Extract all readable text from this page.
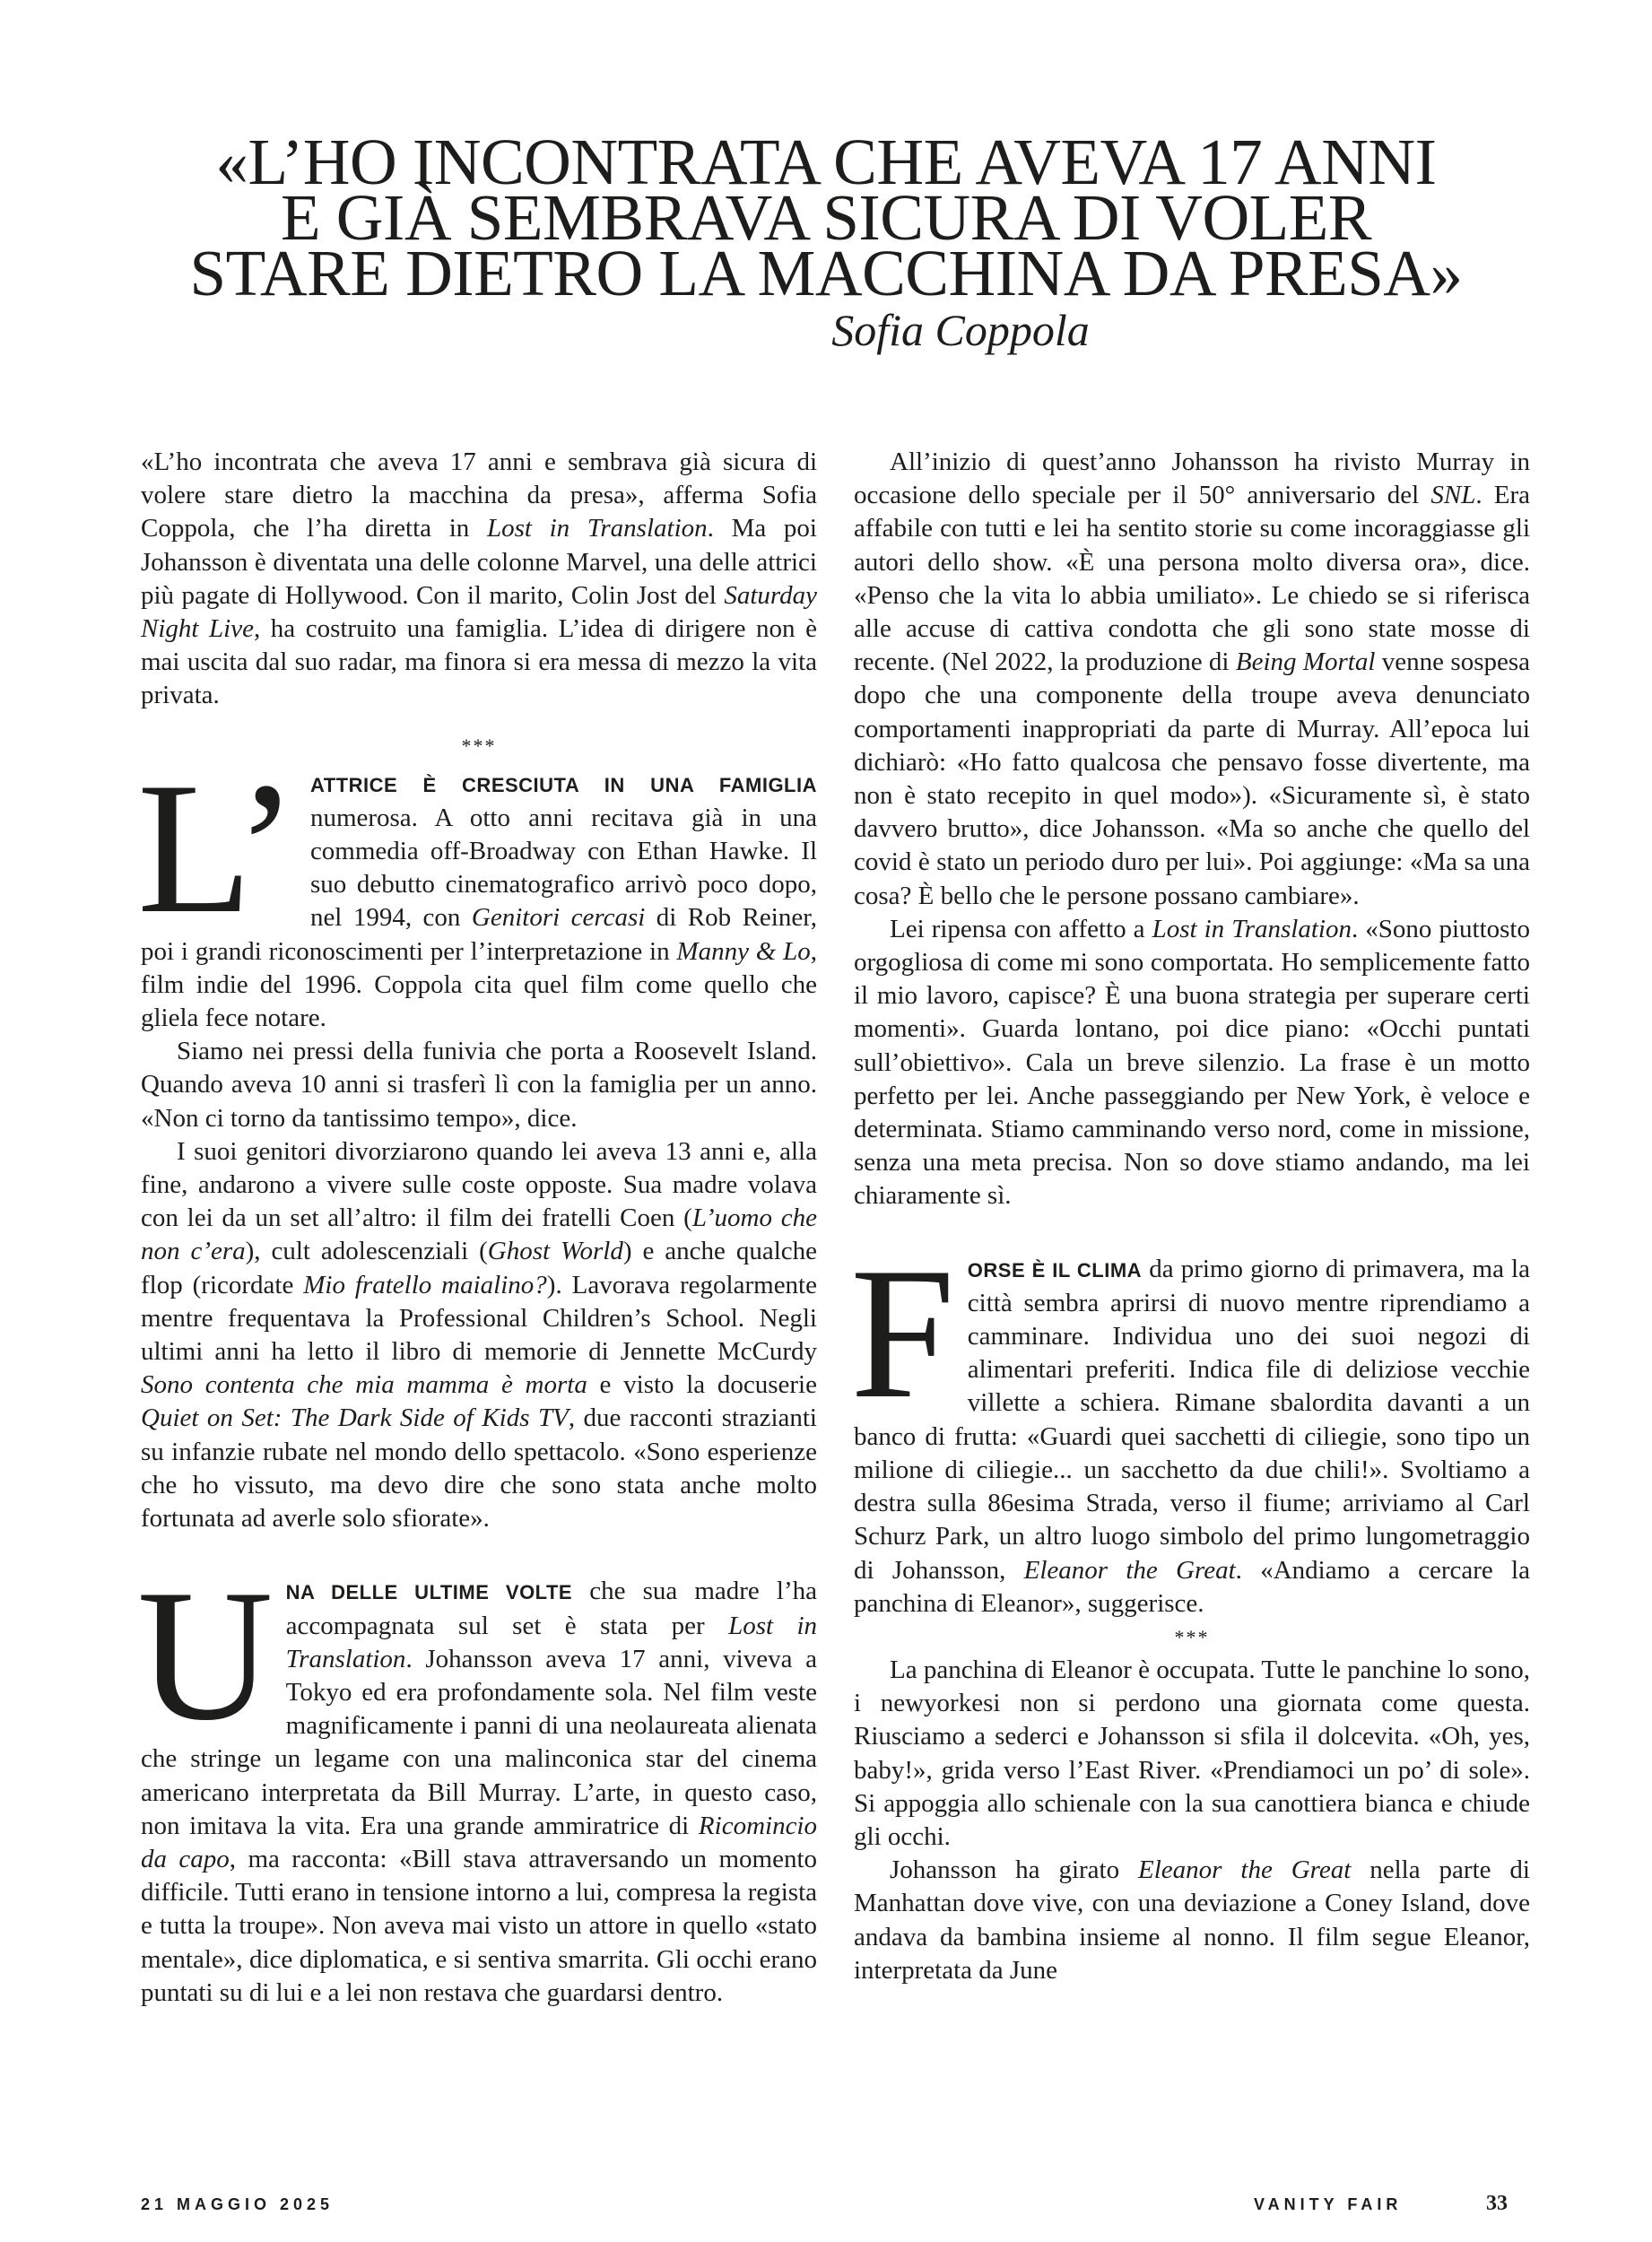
«L’HO INCONTRATA CHE AVEVA 17 ANNI
E GIÀ SEMBRAVA SICURA DI VOLER
STARE DIETRO LA MACCHINA DA PRESA»
Sofia Coppola

«L’ho incontrata che aveva 17 anni e sembrava già sicura di volere stare dietro la macchina da presa», afferma Sofia Coppola, che l’ha diretta in Lost in Translation. Ma poi Johansson è diventata una delle colonne Marvel, una delle attrici più pagate di Hollywood. Con il marito, Colin Jost del Saturday Night Live, ha costruito una famiglia. L’idea di dirigere non è mai uscita dal suo radar, ma finora si era messa di mezzo la vita privata.

***

L’ ATTRICE È CRESCIUTA IN UNA FAMIGLIA numerosa. A otto anni recitava già in una commedia off-Broadway con Ethan Hawke. Il suo debutto cinematografico arrivò poco dopo, nel 1994, con Genitori cercasi di Rob Reiner, poi i grandi riconoscimenti per l’interpretazione in Manny & Lo, film indie del 1996. Coppola cita quel film come quello che gliela fece notare.

Siamo nei pressi della funivia che porta a Roosevelt Island. Quando aveva 10 anni si trasferì lì con la famiglia per un anno. «Non ci torno da tantissimo tempo», dice.

I suoi genitori divorziarono quando lei aveva 13 anni e, alla fine, andarono a vivere sulle coste opposte. Sua madre volava con lei da un set all’altro: il film dei fratelli Coen (L’uomo che non c’era), cult adolescenziali (Ghost World) e anche qualche flop (ricordate Mio fratello maialino?). Lavorava regolarmente mentre frequentava la Professional Children’s School. Negli ultimi anni ha letto il libro di memorie di Jennette McCurdy Sono contenta che mia mamma è morta e visto la docuserie Quiet on Set: The Dark Side of Kids TV, due racconti strazianti su infanzie rubate nel mondo dello spettacolo. «Sono esperienze che ho vissuto, ma devo dire che sono stata anche molto fortunata ad averle solo sfiorate».

UNA DELLE ULTIME VOLTE che sua madre l’ha accompagnata sul set è stata per Lost in Translation. Johansson aveva 17 anni, viveva a Tokyo ed era profondamente sola. Nel film veste magnificamente i panni di una neolaureata alienata che stringe un legame con una malinconica star del cinema americano interpretata da Bill Murray. L’arte, in questo caso, non imitava la vita. Era una grande ammiratrice di Ricomincio da capo, ma racconta: «Bill stava attraversando un momento difficile. Tutti erano in tensione intorno a lui, compresa la regista e tutta la troupe». Non aveva mai visto un attore in quello «stato mentale», dice diplomatica, e si sentiva smarrita. Gli occhi erano puntati su di lui e a lei non restava che guardarsi dentro.

All’inizio di quest’anno Johansson ha rivisto Murray in occasione dello speciale per il 50° anniversario del SNL. Era affabile con tutti e lei ha sentito storie su come incoraggiasse gli autori dello show. «È una persona molto diversa ora», dice. «Penso che la vita lo abbia umiliato». Le chiedo se si riferisca alle accuse di cattiva condotta che gli sono state mosse di recente. (Nel 2022, la produzione di Being Mortal venne sospesa dopo che una componente della troupe aveva denunciato comportamenti inappropriati da parte di Murray. All’epoca lui dichiarò: «Ho fatto qualcosa che pensavo fosse divertente, ma non è stato recepito in quel modo»). «Sicuramente sì, è stato davvero brutto», dice Johansson. «Ma so anche che quello del covid è stato un periodo duro per lui». Poi aggiunge: «Ma sa una cosa? È bello che le persone possano cambiare».

Lei ripensa con affetto a Lost in Translation. «Sono piuttosto orgogliosa di come mi sono comportata. Ho semplicemente fatto il mio lavoro, capisce? È una buona strategia per superare certi momenti». Guarda lontano, poi dice piano: «Occhi puntati sull’obiettivo». Cala un breve silenzio. La frase è un motto perfetto per lei. Anche passeggiando per New York, è veloce e determinata. Stiamo camminando verso nord, come in missione, senza una meta precisa. Non so dove stiamo andando, ma lei chiaramente sì.

FORSE È IL CLIMA da primo giorno di primavera, ma la città sembra aprirsi di nuovo mentre riprendiamo a camminare. Individua uno dei suoi negozi di alimentari preferiti. Indica file di deliziose vecchie villette a schiera. Rimane sbalordita davanti a un banco di frutta: «Guardi quei sacchetti di ciliegie, sono tipo un milione di ciliegie... un sacchetto da due chili!». Svoltiamo a destra sulla 86esima Strada, verso il fiume; arriviamo al Carl Schurz Park, un altro luogo simbolo del primo lungometraggio di Johansson, Eleanor the Great. «Andiamo a cercare la panchina di Eleanor», suggerisce.

***

La panchina di Eleanor è occupata. Tutte le panchine lo sono, i newyorkesi non si perdono una giornata come questa. Riusciamo a sederci e Johansson si sfila il dolcevita. «Oh, yes, baby!», grida verso l’East River. «Prendiamoci un po’ di sole». Si appoggia allo schienale con la sua canottiera bianca e chiude gli occhi.

Johansson ha girato Eleanor the Great nella parte di Manhattan dove vive, con una deviazione a Coney Island, dove andava da bambina insieme al nonno. Il film segue Eleanor, interpretata da June

21 MAGGIO 2025	VANITY FAIR	33
